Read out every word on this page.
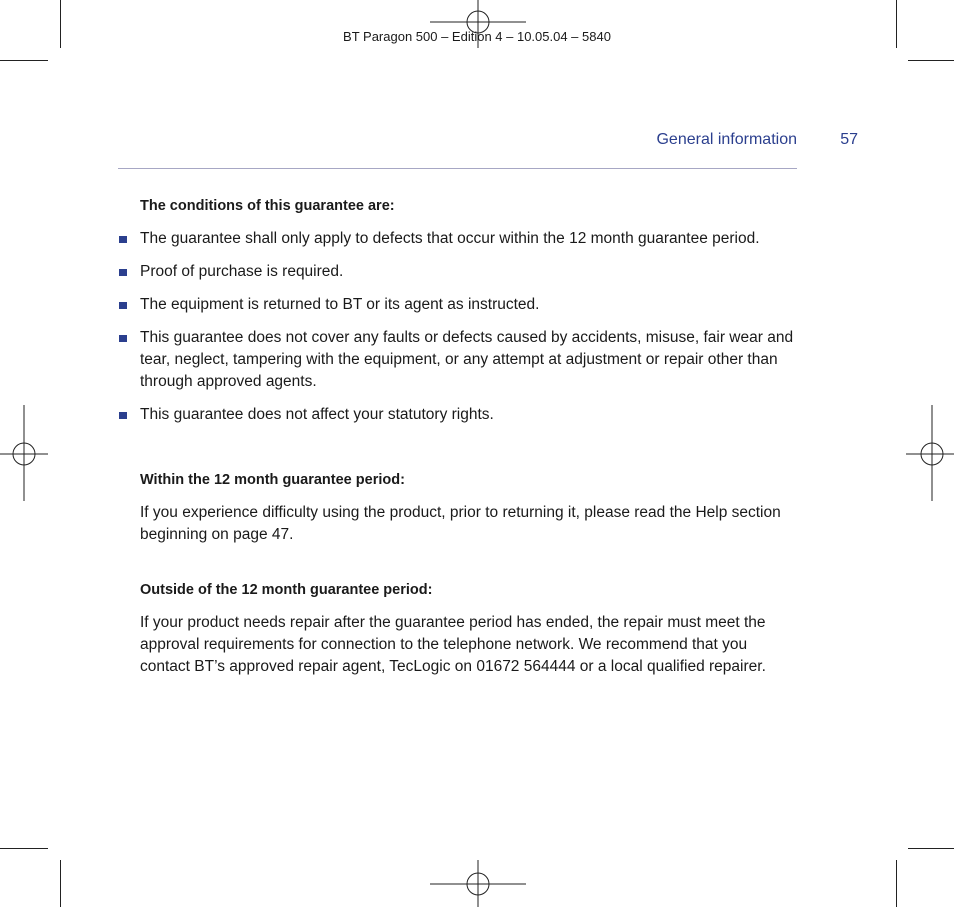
BT Paragon 500 – Edition 4 – 10.05.04 – 5840
General information	57

The conditions of this guarantee are:

The guarantee shall only apply to defects that occur within the 12 month guarantee period.
Proof of purchase is required.
The equipment is returned to BT or its agent as instructed.
This guarantee does not cover any faults or defects caused by accidents, misuse, fair wear and tear, neglect, tampering with the equipment, or any attempt at adjustment or repair other than through approved agents.
This guarantee does not affect your statutory rights.

Within the 12 month guarantee period:

If you experience difficulty using the product, prior to returning it, please read the Help section beginning on page 47.

Outside of the 12 month guarantee period:

If your product needs repair after the guarantee period has ended, the repair must meet the approval requirements for connection to the telephone network. We recommend that you contact BT’s approved repair agent, TecLogic on 01672 564444 or a local qualified repairer.
